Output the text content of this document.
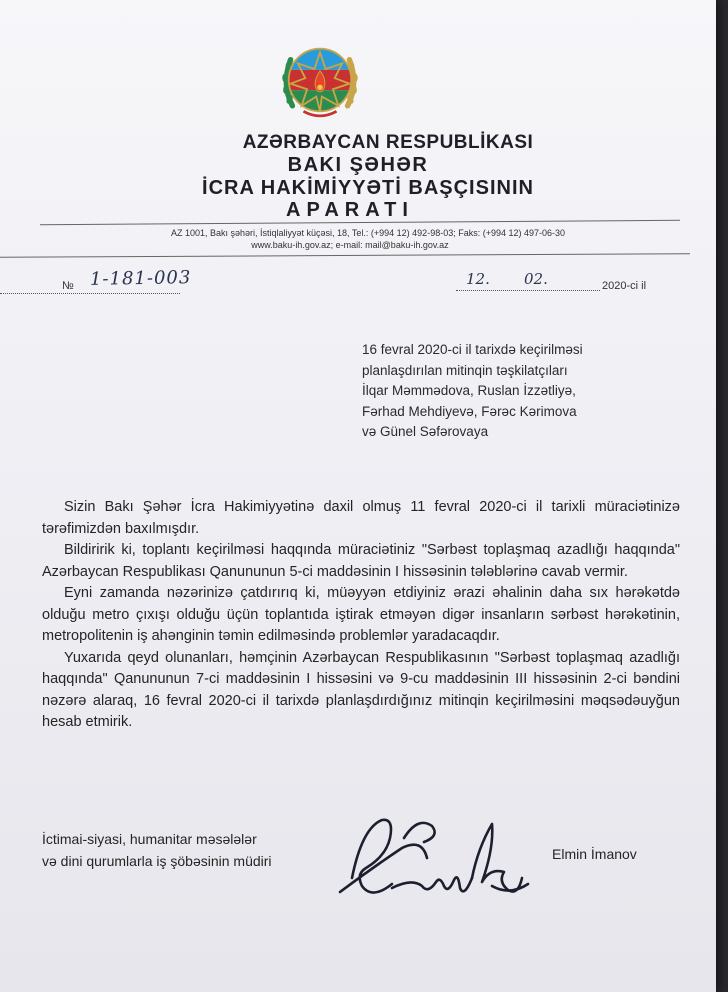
AZƏRBAYCAN RESPUBLİKASI
BAKI ŞƏHƏR
İCRA HAKİMİYYƏTİ BAŞÇISININ
APARATI
AZ 1001, Bakı şəhəri, İstiqlaliyyət küçəsi, 18, Tel.: (+994 12) 492-98-03; Faks: (+994 12) 497-06-30
www.baku-ih.gov.az; e-mail: mail@baku-ih.gov.az
№ 1-181-003	12. 02.	2020-ci il
16 fevral 2020-ci il tarixdə keçirilməsi
planlaşdırılan mitinqin təşkilatçıları
İlqar Məmmədova, Ruslan İzzətliyə,
Fərhad Mehdiyevə, Fərəc Kərimova
və Günel Səfərovaya

Sizin Bakı Şəhər İcra Hakimiyyətinə daxil olmuş 11 fevral 2020-ci il tarixli müraciətinizə tərəfimizdən baxılmışdır.

Bildiririk ki, toplantı keçirilməsi haqqında müraciətiniz "Sərbəst toplaşmaq azadlığı haqqında" Azərbaycan Respublikası Qanununun 5-ci maddəsinin I hissəsinin tələblərinə cavab vermir.

Eyni zamanda nəzərinizə çatdırırıq ki, müəyyən etdiyiniz ərazi əhalinin daha sıx hərəkətdə olduğu metro çıxışı olduğu üçün toplantıda iştirak etməyən digər insanların sərbəst hərəkətinin, metropolitenin iş ahənginin təmin edilməsində problemlər yaradacaqdır.

Yuxarıda qeyd olunanları, həmçinin Azərbaycan Respublikasının "Sərbəst toplaşmaq azadlığı haqqında" Qanununun 7-ci maddəsinin I hissəsini və 9-cu maddəsinin III hissəsinin 2-ci bəndini nəzərə alaraq, 16 fevral 2020-ci il tarixdə planlaşdırdığınız mitinqin keçirilməsini məqsədəuyğun hesab etmirik.

İctimai-siyasi, humanitar məsələlər
və dini qurumlarla iş şöbəsinin müdiri	Elmin İmanov
